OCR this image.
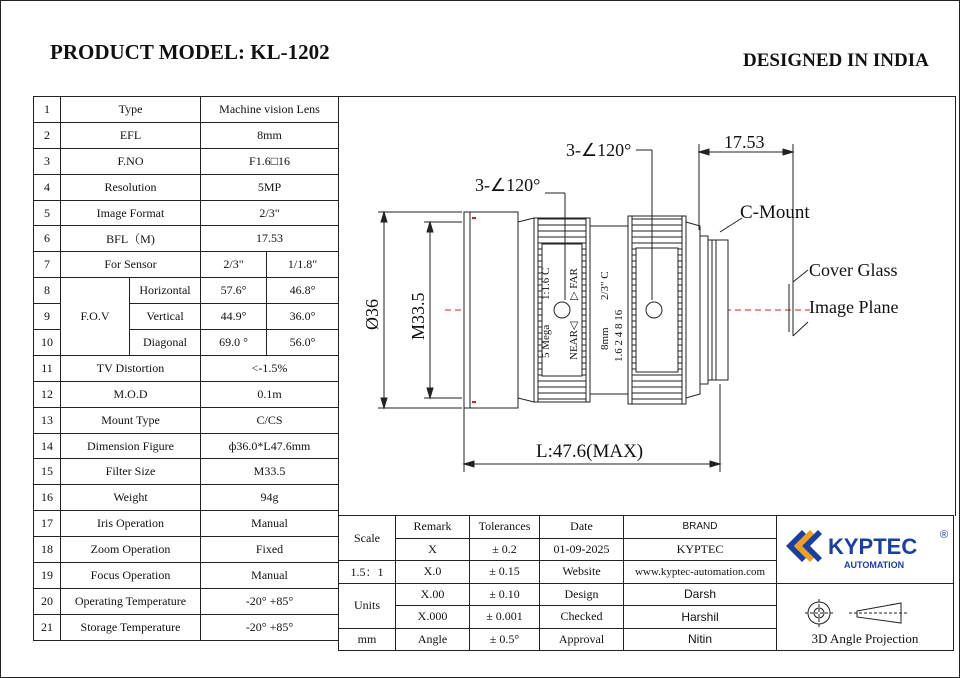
PRODUCT MODEL: KL-1202	DESIGNED IN INDIA
1	Type		Machine vision Lens	
2	EFL		8mm	
3	F.NO		F1.6□16	
4	Resolution		5MP	
5	Image Format		2/3"	
6	BFL（M)		17.53	
7	For Sensor		2/3"	1/1.8"
8	F.O.V	Horizontal	57.6°	46.8°
9		Vertical	44.9°	36.0°
10		Diagonal	69.0 °	56.0°
11	TV Distortion		<-1.5%	
12	M.O.D		0.1m	
13	Mount Type		C/CS	
14	Dimension Figure		ф36.0*L47.6mm	
15	Filter Size		M33.5	
16	Weight		94g	
17	Iris Operation		Manual	
18	Zoom Operation		Fixed	
19	Focus Operation		Manual	
20	Operating Temperature		-20° +85°	
21	Storage Temperature		-20° +85°	
1:1.6 C ▷ FAR
5 Mega NEAR◁
2/3" C
8mm 1.6 2 4 8 16
Ø36 M33.5
L:47.6(MAX)
3-∠120°
3-∠120°
17.53
C-Mount
Cover Glass
Image Plane
Scale	Remark	Tolerances	Date	BRAND	KYPTEC ®
AUTOMATION

	X	± 0.2	01-09-2025	KYPTEC	
1.5：1	X.0	± 0.15	Website	www.kyptec-automation.com	
Units	X.00	± 0.10	Design	Darsh	3D Angle Projection

	X.000	± 0.001	Checked	Harshil	
mm	Angle	± 0.5°	Approval	Nitin	
